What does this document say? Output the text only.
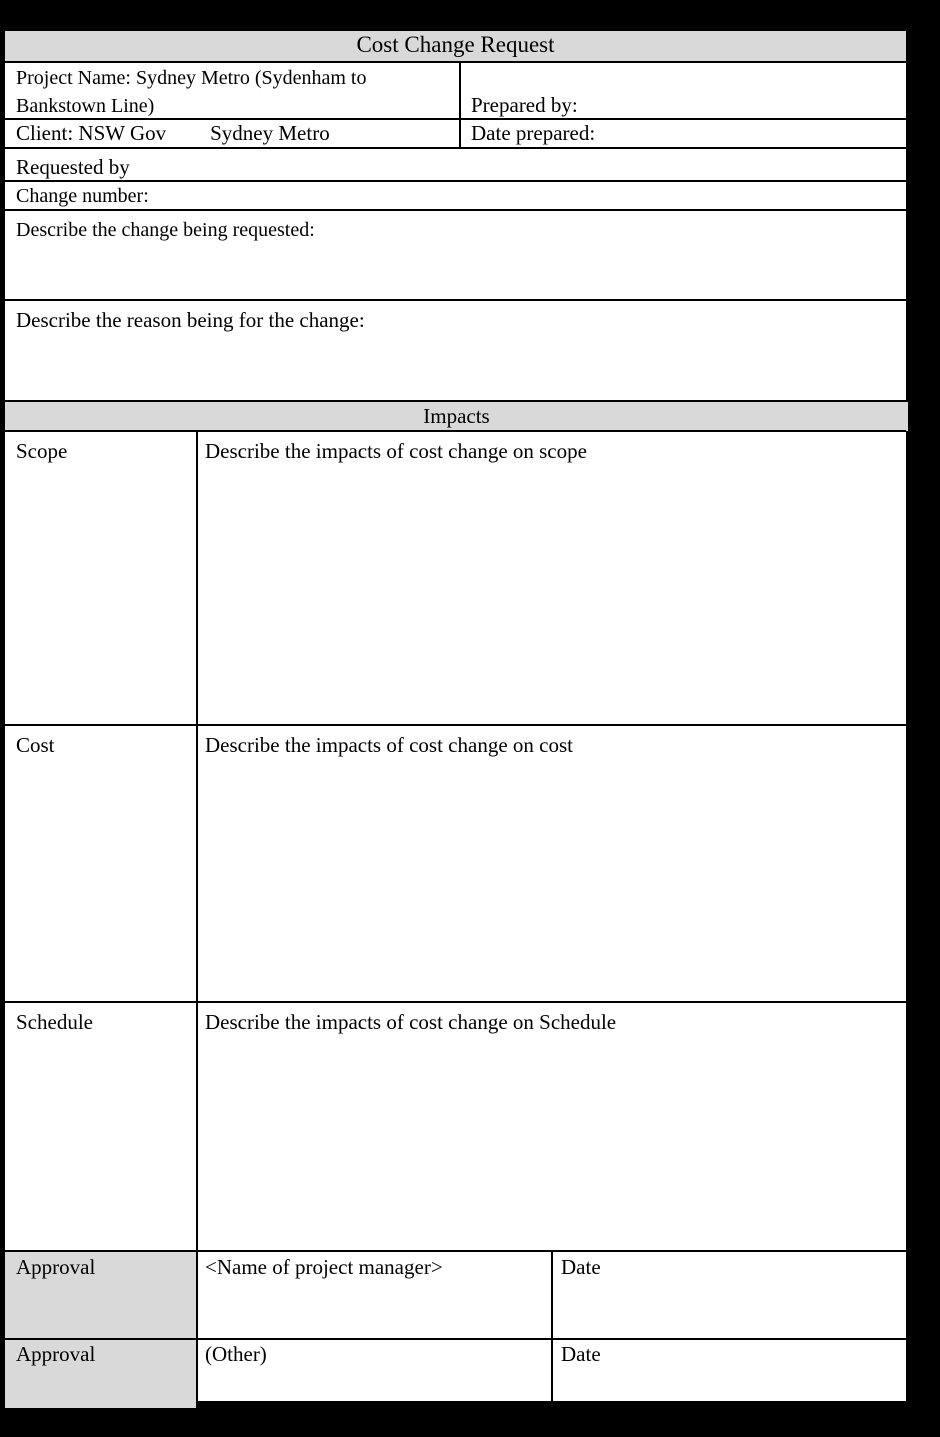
Cost Change Request
Project Name: Sydney Metro (Sydenham to Bankstown Line)	Prepared by:
Client: NSW Gov Sydney Metro	Date prepared:
Requested by
Change number:
Describe the change being requested:
Describe the reason being for the change:
Impacts
Scope	Describe the impacts of cost change on scope
Cost	Describe the impacts of cost change on cost
Schedule	Describe the impacts of cost change on Schedule
Approval	<Name of project manager>	Date
Approval	(Other)	Date
